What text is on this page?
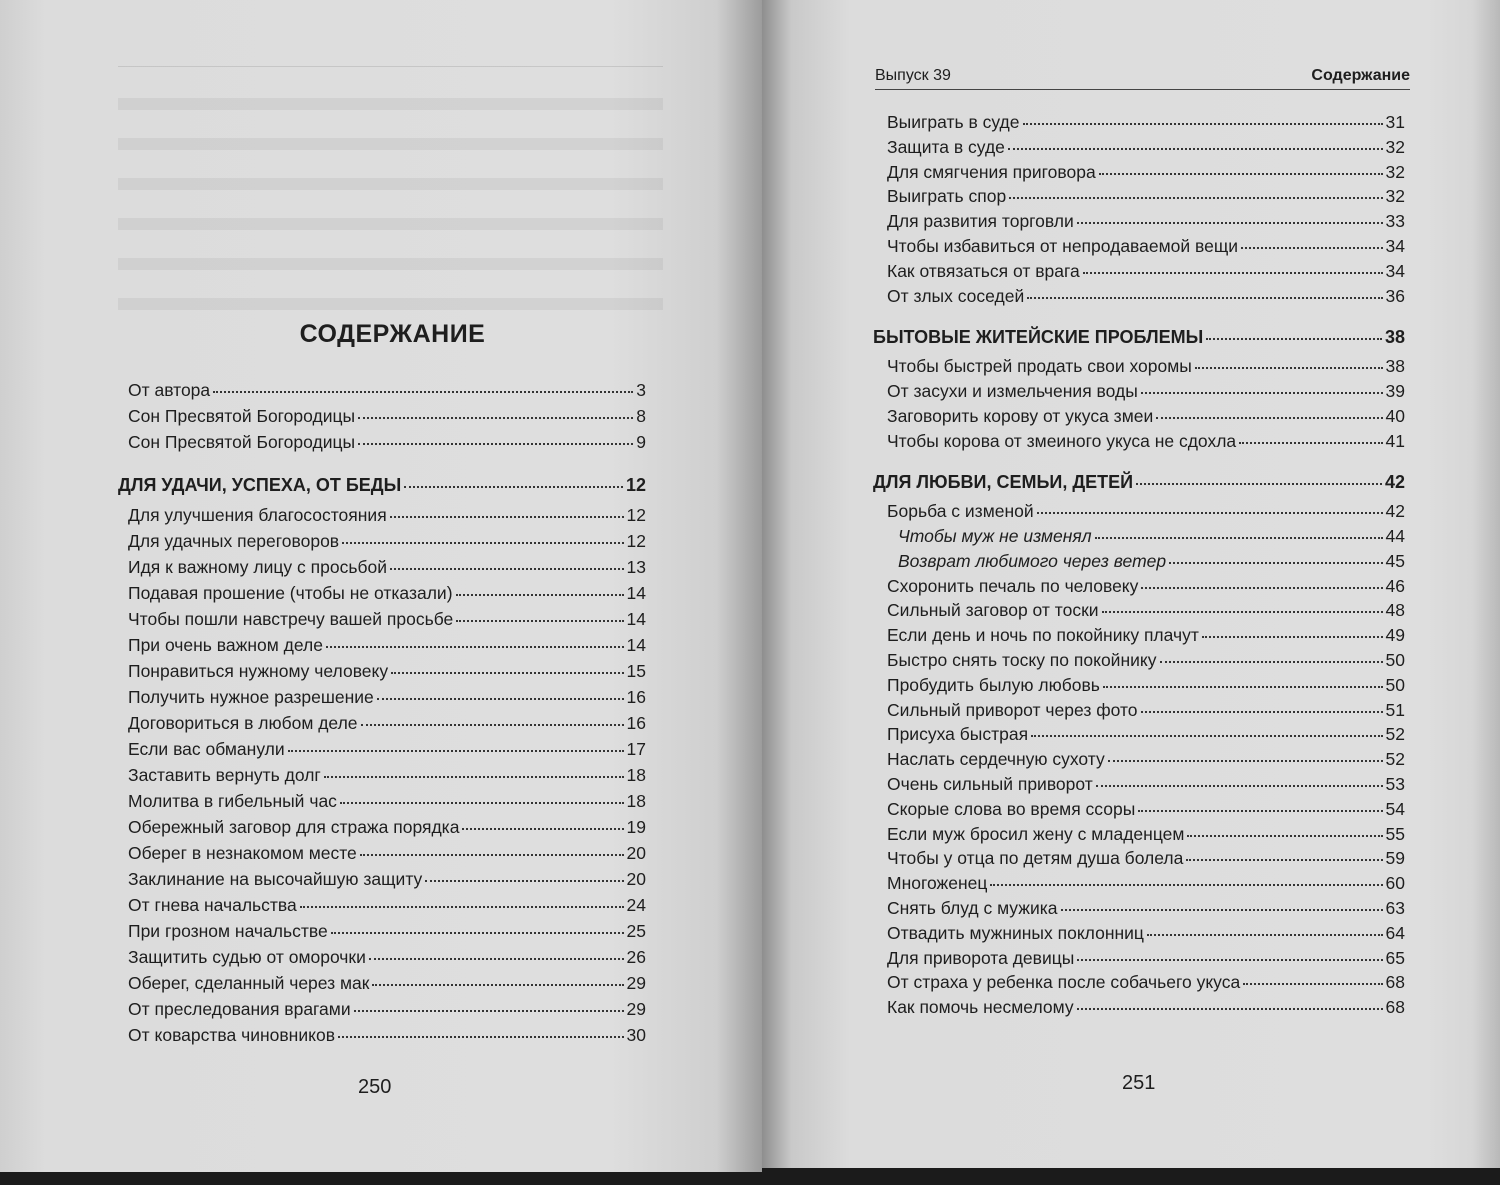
СОДЕРЖАНИЕ
От автора	3
Сон Пресвятой Богородицы	8
Сон Пресвятой Богородицы	9
ДЛЯ УДАЧИ, УСПЕХА, ОТ БЕДЫ	12
Для улучшения благосостояния	12
Для удачных переговоров	12
Идя к важному лицу с просьбой	13
Подавая прошение (чтобы не отказали)	14
Чтобы пошли навстречу вашей просьбе	14
При очень важном деле	14
Понравиться нужному человеку	15
Получить нужное разрешение	16
Договориться в любом деле	16
Если вас обманули	17
Заставить вернуть долг	18
Молитва в гибельный час	18
Обережный заговор для стража порядка	19
Оберег в незнакомом месте	20
Заклинание на высочайшую защиту	20
От гнева начальства	24
При грозном начальстве	25
Защитить судью от оморочки	26
Оберег, сделанный через мак	29
От преследования врагами	29
От коварства чиновников	30
250
Выпуск 39	Содержание
Выиграть в суде	31
Защита в суде	32
Для смягчения приговора	32
Выиграть спор	32
Для развития торговли	33
Чтобы избавиться от непродаваемой вещи	34
Как отвязаться от врага	34
От злых соседей	36
БЫТОВЫЕ ЖИТЕЙСКИЕ ПРОБЛЕМЫ	38
Чтобы быстрей продать свои хоромы	38
От засухи и измельчения воды	39
Заговорить корову от укуса змеи	40
Чтобы корова от змеиного укуса не сдохла	41
ДЛЯ ЛЮБВИ, СЕМЬИ, ДЕТЕЙ	42
Борьба с изменой	42
Чтобы муж не изменял	44
Возврат любимого через ветер	45
Схоронить печаль по человеку	46
Сильный заговор от тоски	48
Если день и ночь по покойнику плачут	49
Быстро снять тоску по покойнику	50
Пробудить былую любовь	50
Сильный приворот через фото	51
Присуха быстрая	52
Наслать сердечную сухоту	52
Очень сильный приворот	53
Скорые слова во время ссоры	54
Если муж бросил жену с младенцем	55
Чтобы у отца по детям душа болела	59
Многоженец	60
Снять блуд с мужика	63
Отвадить мужниных поклонниц	64
Для приворота девицы	65
От страха у ребенка после собачьего укуса	68
Как помочь несмелому	68
251
